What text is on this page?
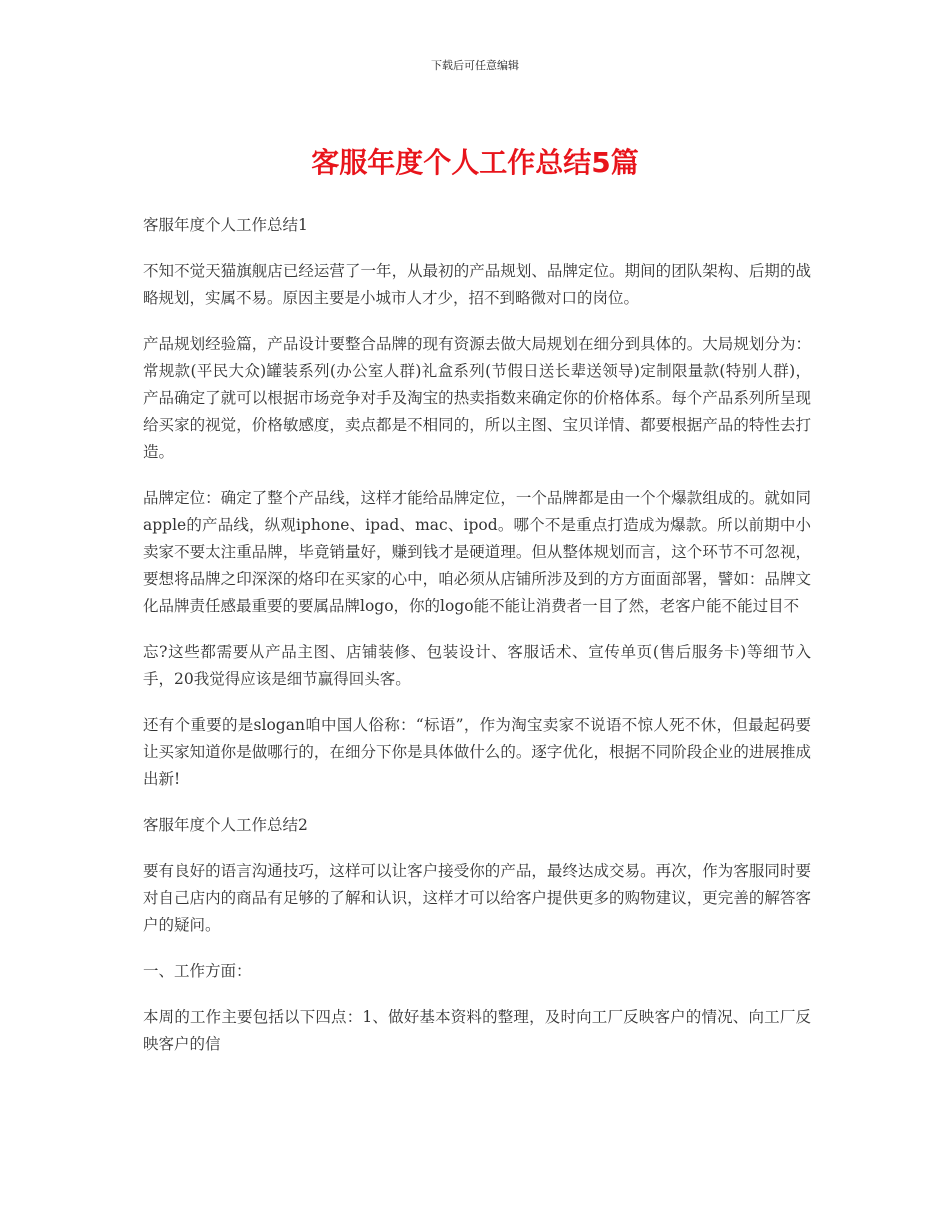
下载后可任意编辑
客服年度个人工作总结5篇

客服年度个人工作总结1

不知不觉天猫旗舰店已经运营了一年，从最初的产品规划、品牌定位。期间的团队架构、后期的战略规划，实属不易。原因主要是小城市人才少，招不到略微对口的岗位。

产品规划经验篇，产品设计要整合品牌的现有资源去做大局规划在细分到具体的。大局规划分为：常规款(平民大众)罐装系列(办公室人群)礼盒系列(节假日送长辈送领导)定制限量款(特别人群)，产品确定了就可以根据市场竞争对手及淘宝的热卖指数来确定你的价格体系。每个产品系列所呈现给买家的视觉，价格敏感度，卖点都是不相同的，所以主图、宝贝详情、都要根据产品的特性去打造。

品牌定位：确定了整个产品线，这样才能给品牌定位，一个品牌都是由一个个爆款组成的。就如同apple的产品线，纵观iphone、ipad、mac、ipod。哪个不是重点打造成为爆款。所以前期中小卖家不要太注重品牌，毕竟销量好，赚到钱才是硬道理。但从整体规划而言，这个环节不可忽视，要想将品牌之印深深的烙印在买家的心中，咱必须从店铺所涉及到的方方面面部署，譬如：品牌文化品牌责任感最重要的要属品牌logo，你的logo能不能让消费者一目了然，老客户能不能过目不

忘?这些都需要从产品主图、店铺装修、包装设计、客服话术、宣传单页(售后服务卡)等细节入手，20我觉得应该是细节赢得回头客。

还有个重要的是slogan咱中国人俗称：“标语”，作为淘宝卖家不说语不惊人死不休，但最起码要让买家知道你是做哪行的，在细分下你是具体做什么的。逐字优化，根据不同阶段企业的进展推成出新!

客服年度个人工作总结2

要有良好的语言沟通技巧，这样可以让客户接受你的产品，最终达成交易。再次，作为客服同时要对自己店内的商品有足够的了解和认识，这样才可以给客户提供更多的购物建议，更完善的解答客户的疑问。

一、工作方面：

本周的工作主要包括以下四点：1、做好基本资料的整理，及时向工厂反映客户的情况、向工厂反映客户的信
